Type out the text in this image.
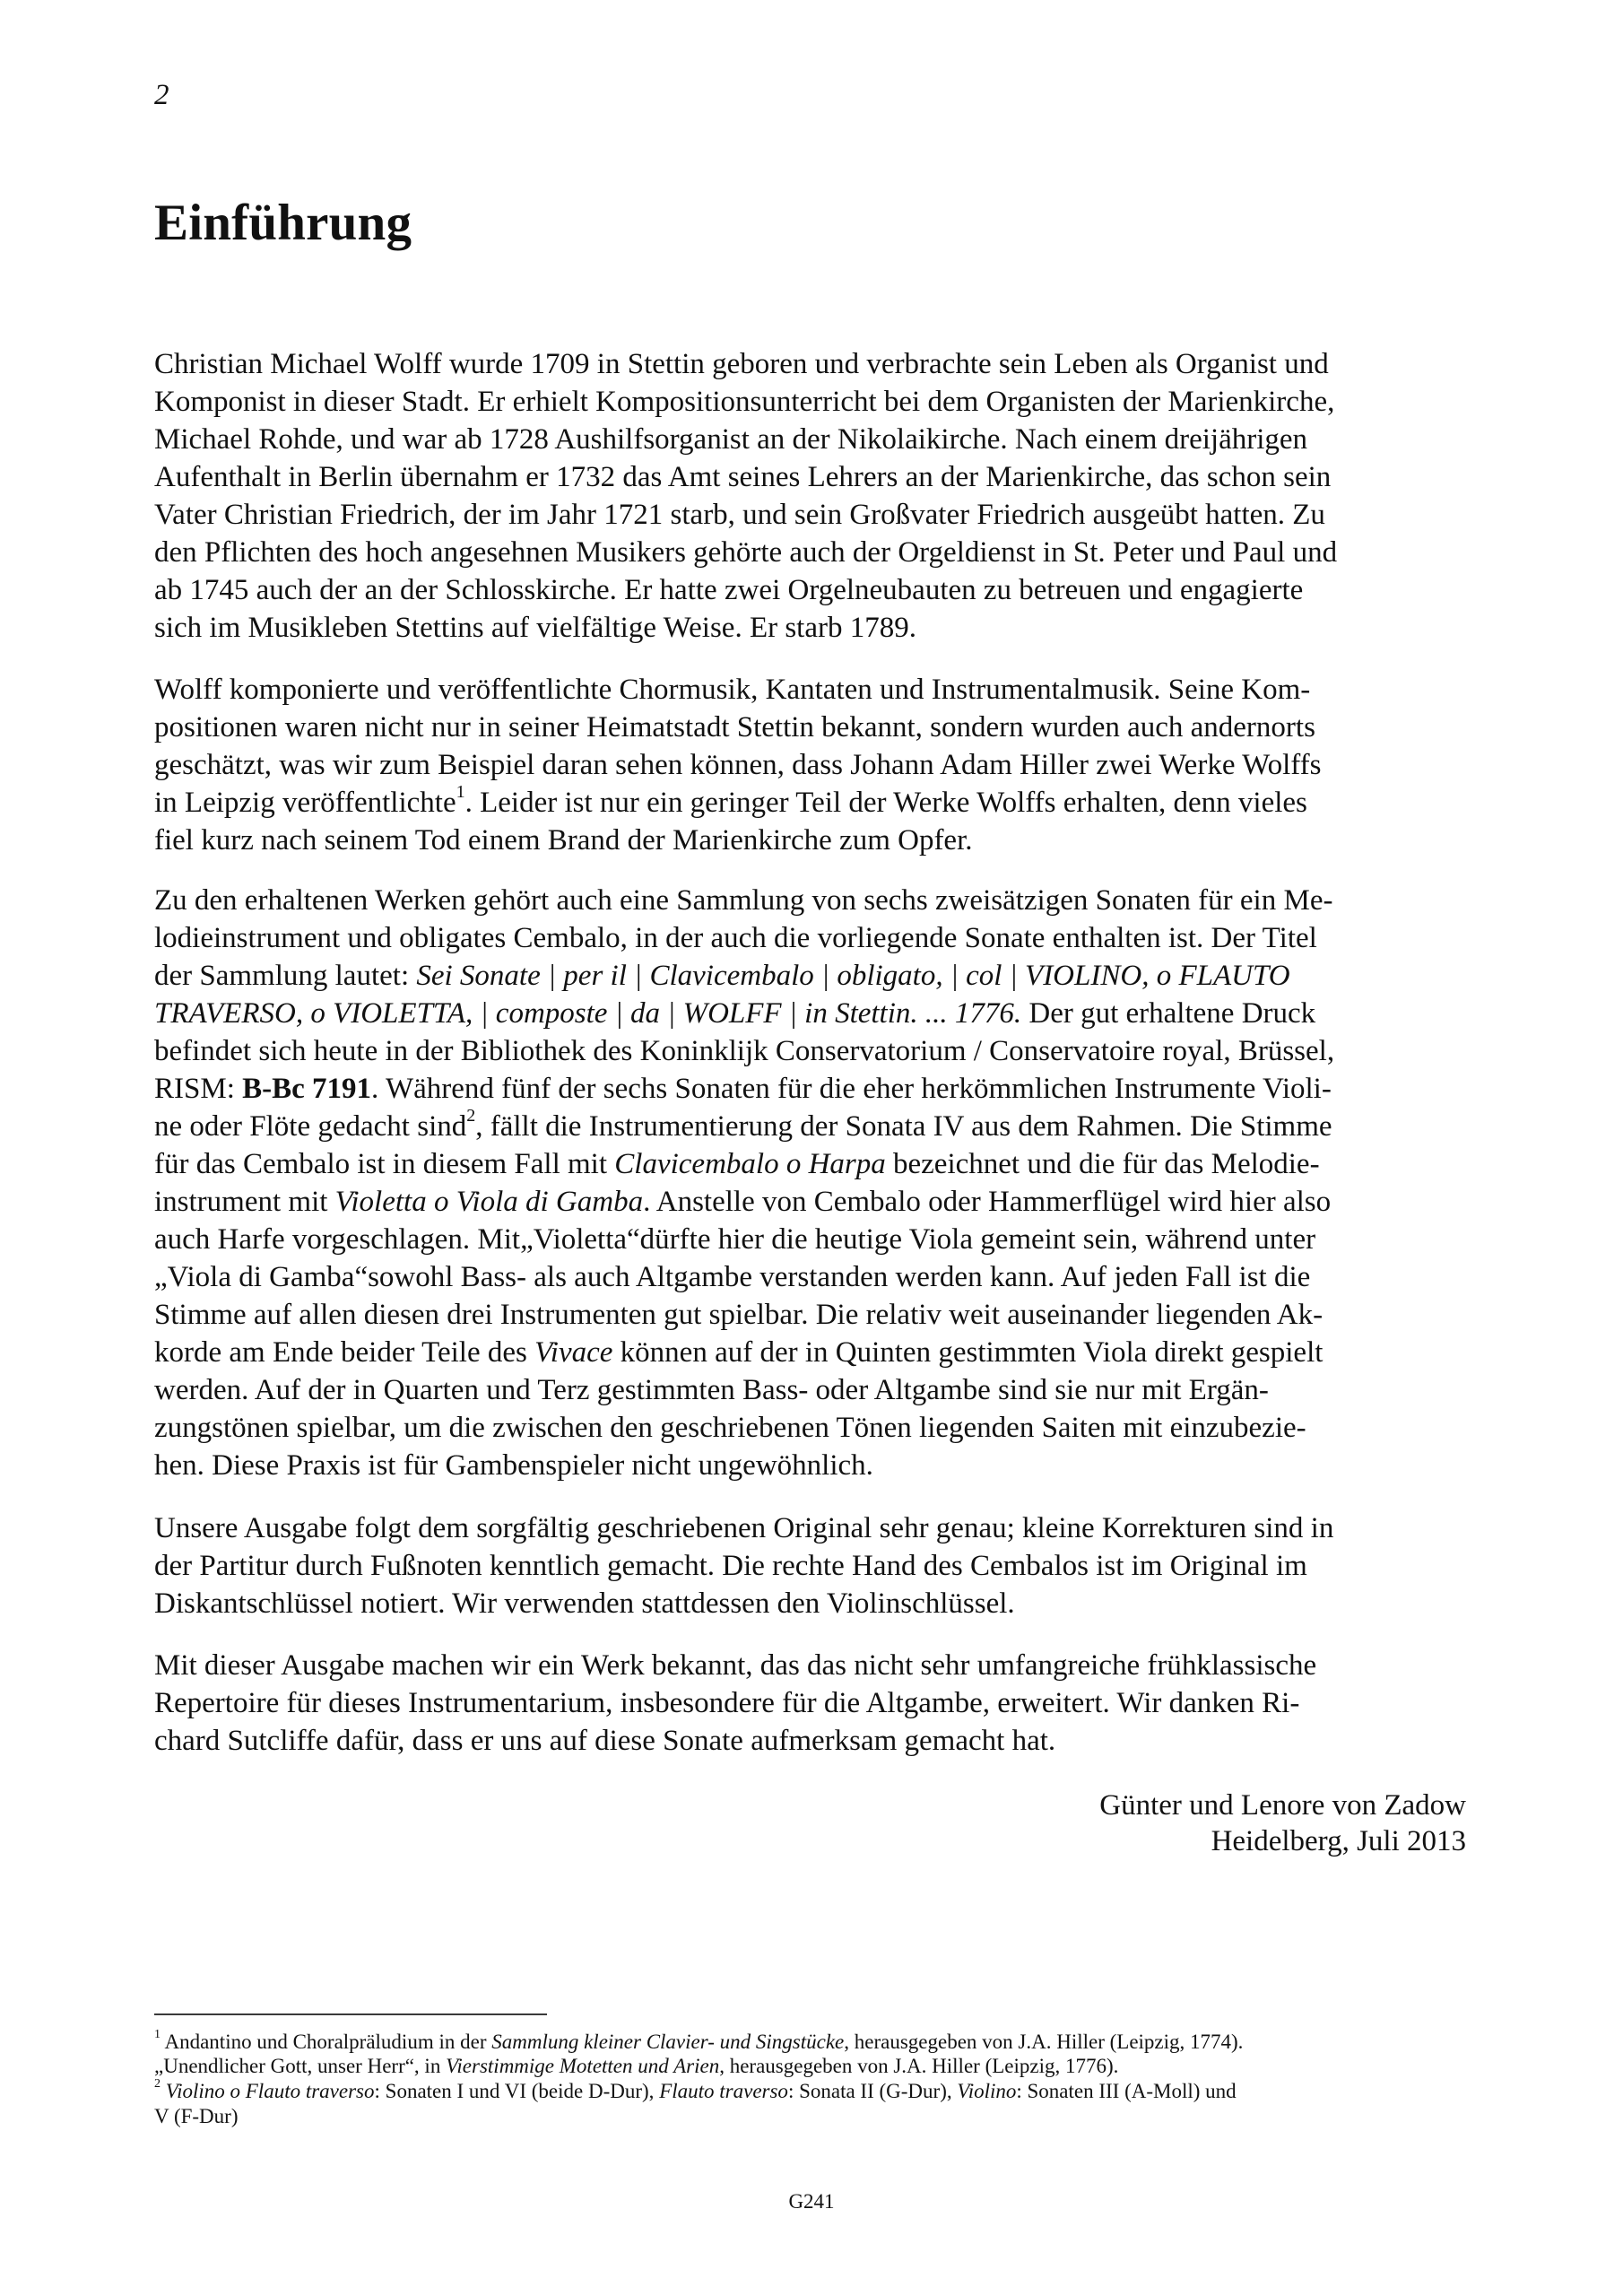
2
Einführung
Christian Michael Wolff wurde 1709 in Stettin geboren und verbrachte sein Leben als Organist und
Komponist in dieser Stadt. Er erhielt Kompositionsunterricht bei dem Organisten der Marienkirche,
Michael Rohde, und war ab 1728 Aushilfsorganist an der Nikolaikirche. Nach einem dreijährigen
Aufenthalt in Berlin übernahm er 1732 das Amt seines Lehrers an der Marienkirche, das schon sein
Vater Christian Friedrich, der im Jahr 1721 starb, und sein Großvater Friedrich ausgeübt hatten. Zu
den Pflichten des hoch angesehnen Musikers gehörte auch der Orgeldienst in St. Peter und Paul und
ab 1745 auch der an der Schlosskirche. Er hatte zwei Orgelneubauten zu betreuen und engagierte
sich im Musikleben Stettins auf vielfältige Weise. Er starb 1789.
Wolff komponierte und veröffentlichte Chormusik, Kantaten und Instrumentalmusik. Seine Kom-
positionen waren nicht nur in seiner Heimatstadt Stettin bekannt, sondern wurden auch andernorts
geschätzt, was wir zum Beispiel daran sehen können, dass Johann Adam Hiller zwei Werke Wolffs
in Leipzig veröffentlichte$^1$. Leider ist nur ein geringer Teil der Werke Wolffs erhalten, denn vieles
fiel kurz nach seinem Tod einem Brand der Marienkirche zum Opfer.
Zu den erhaltenen Werken gehört auch eine Sammlung von sechs zweisätzigen Sonaten für ein Me-
lodieinstrument und obligates Cembalo, in der auch die vorliegende Sonate enthalten ist. Der Titel
der Sammlung lautet: Sei Sonate | per il | Clavicembalo | obligato, | col | VIOLINO, o FLAUTO
TRAVERSO, o VIOLETTA, | composte | da | WOLFF | in Stettin. ... 1776. Der gut erhaltene Druck
befindet sich heute in der Bibliothek des Koninklijk Conservatorium / Conservatoire royal, Brüssel,
RISM: B-Bc 7191. Während fünf der sechs Sonaten für die eher herkömmlichen Instrumente Violi-
ne oder Flöte gedacht sind$^2$, fällt die Instrumentierung der Sonata IV aus dem Rahmen. Die Stimme
für das Cembalo ist in diesem Fall mit Clavicembalo o Harpa bezeichnet und die für das Melodie-
instrument mit Violetta o Viola di Gamba. Anstelle von Cembalo oder Hammerflügel wird hier also
auch Harfe vorgeschlagen. Mit„Violetta“dürfte hier die heutige Viola gemeint sein, während unter
„Viola di Gamba“sowohl Bass- als auch Altgambe verstanden werden kann. Auf jeden Fall ist die
Stimme auf allen diesen drei Instrumenten gut spielbar. Die relativ weit auseinander liegenden Ak-
korde am Ende beider Teile des Vivace können auf der in Quinten gestimmten Viola direkt gespielt
werden. Auf der in Quarten und Terz gestimmten Bass- oder Altgambe sind sie nur mit Ergän-
zungstönen spielbar, um die zwischen den geschriebenen Tönen liegenden Saiten mit einzubezie-
hen. Diese Praxis ist für Gambenspieler nicht ungewöhnlich.
Unsere Ausgabe folgt dem sorgfältig geschriebenen Original sehr genau; kleine Korrekturen sind in
der Partitur durch Fußnoten kenntlich gemacht. Die rechte Hand des Cembalos ist im Original im
Diskantschlüssel notiert. Wir verwenden stattdessen den Violinschlüssel.
Mit dieser Ausgabe machen wir ein Werk bekannt, das das nicht sehr umfangreiche frühklassische
Repertoire für dieses Instrumentarium, insbesondere für die Altgambe, erweitert. Wir danken Ri-
chard Sutcliffe dafür, dass er uns auf diese Sonate aufmerksam gemacht hat.
Günter und Lenore von Zadow
Heidelberg, Juli 2013
$^1$ Andantino und Choralpräludium in der Sammlung kleiner Clavier- und Singstücke, herausgegeben von J.A. Hiller (Leipzig, 1774).
„Unendlicher Gott, unser Herr“, in Vierstimmige Motetten und Arien, herausgegeben von J.A. Hiller (Leipzig, 1776).
$^2$ Violino o Flauto traverso: Sonaten I und VI (beide D-Dur), Flauto traverso: Sonata II (G-Dur), Violino: Sonaten III (A-Moll) und
V (F-Dur)
G241
